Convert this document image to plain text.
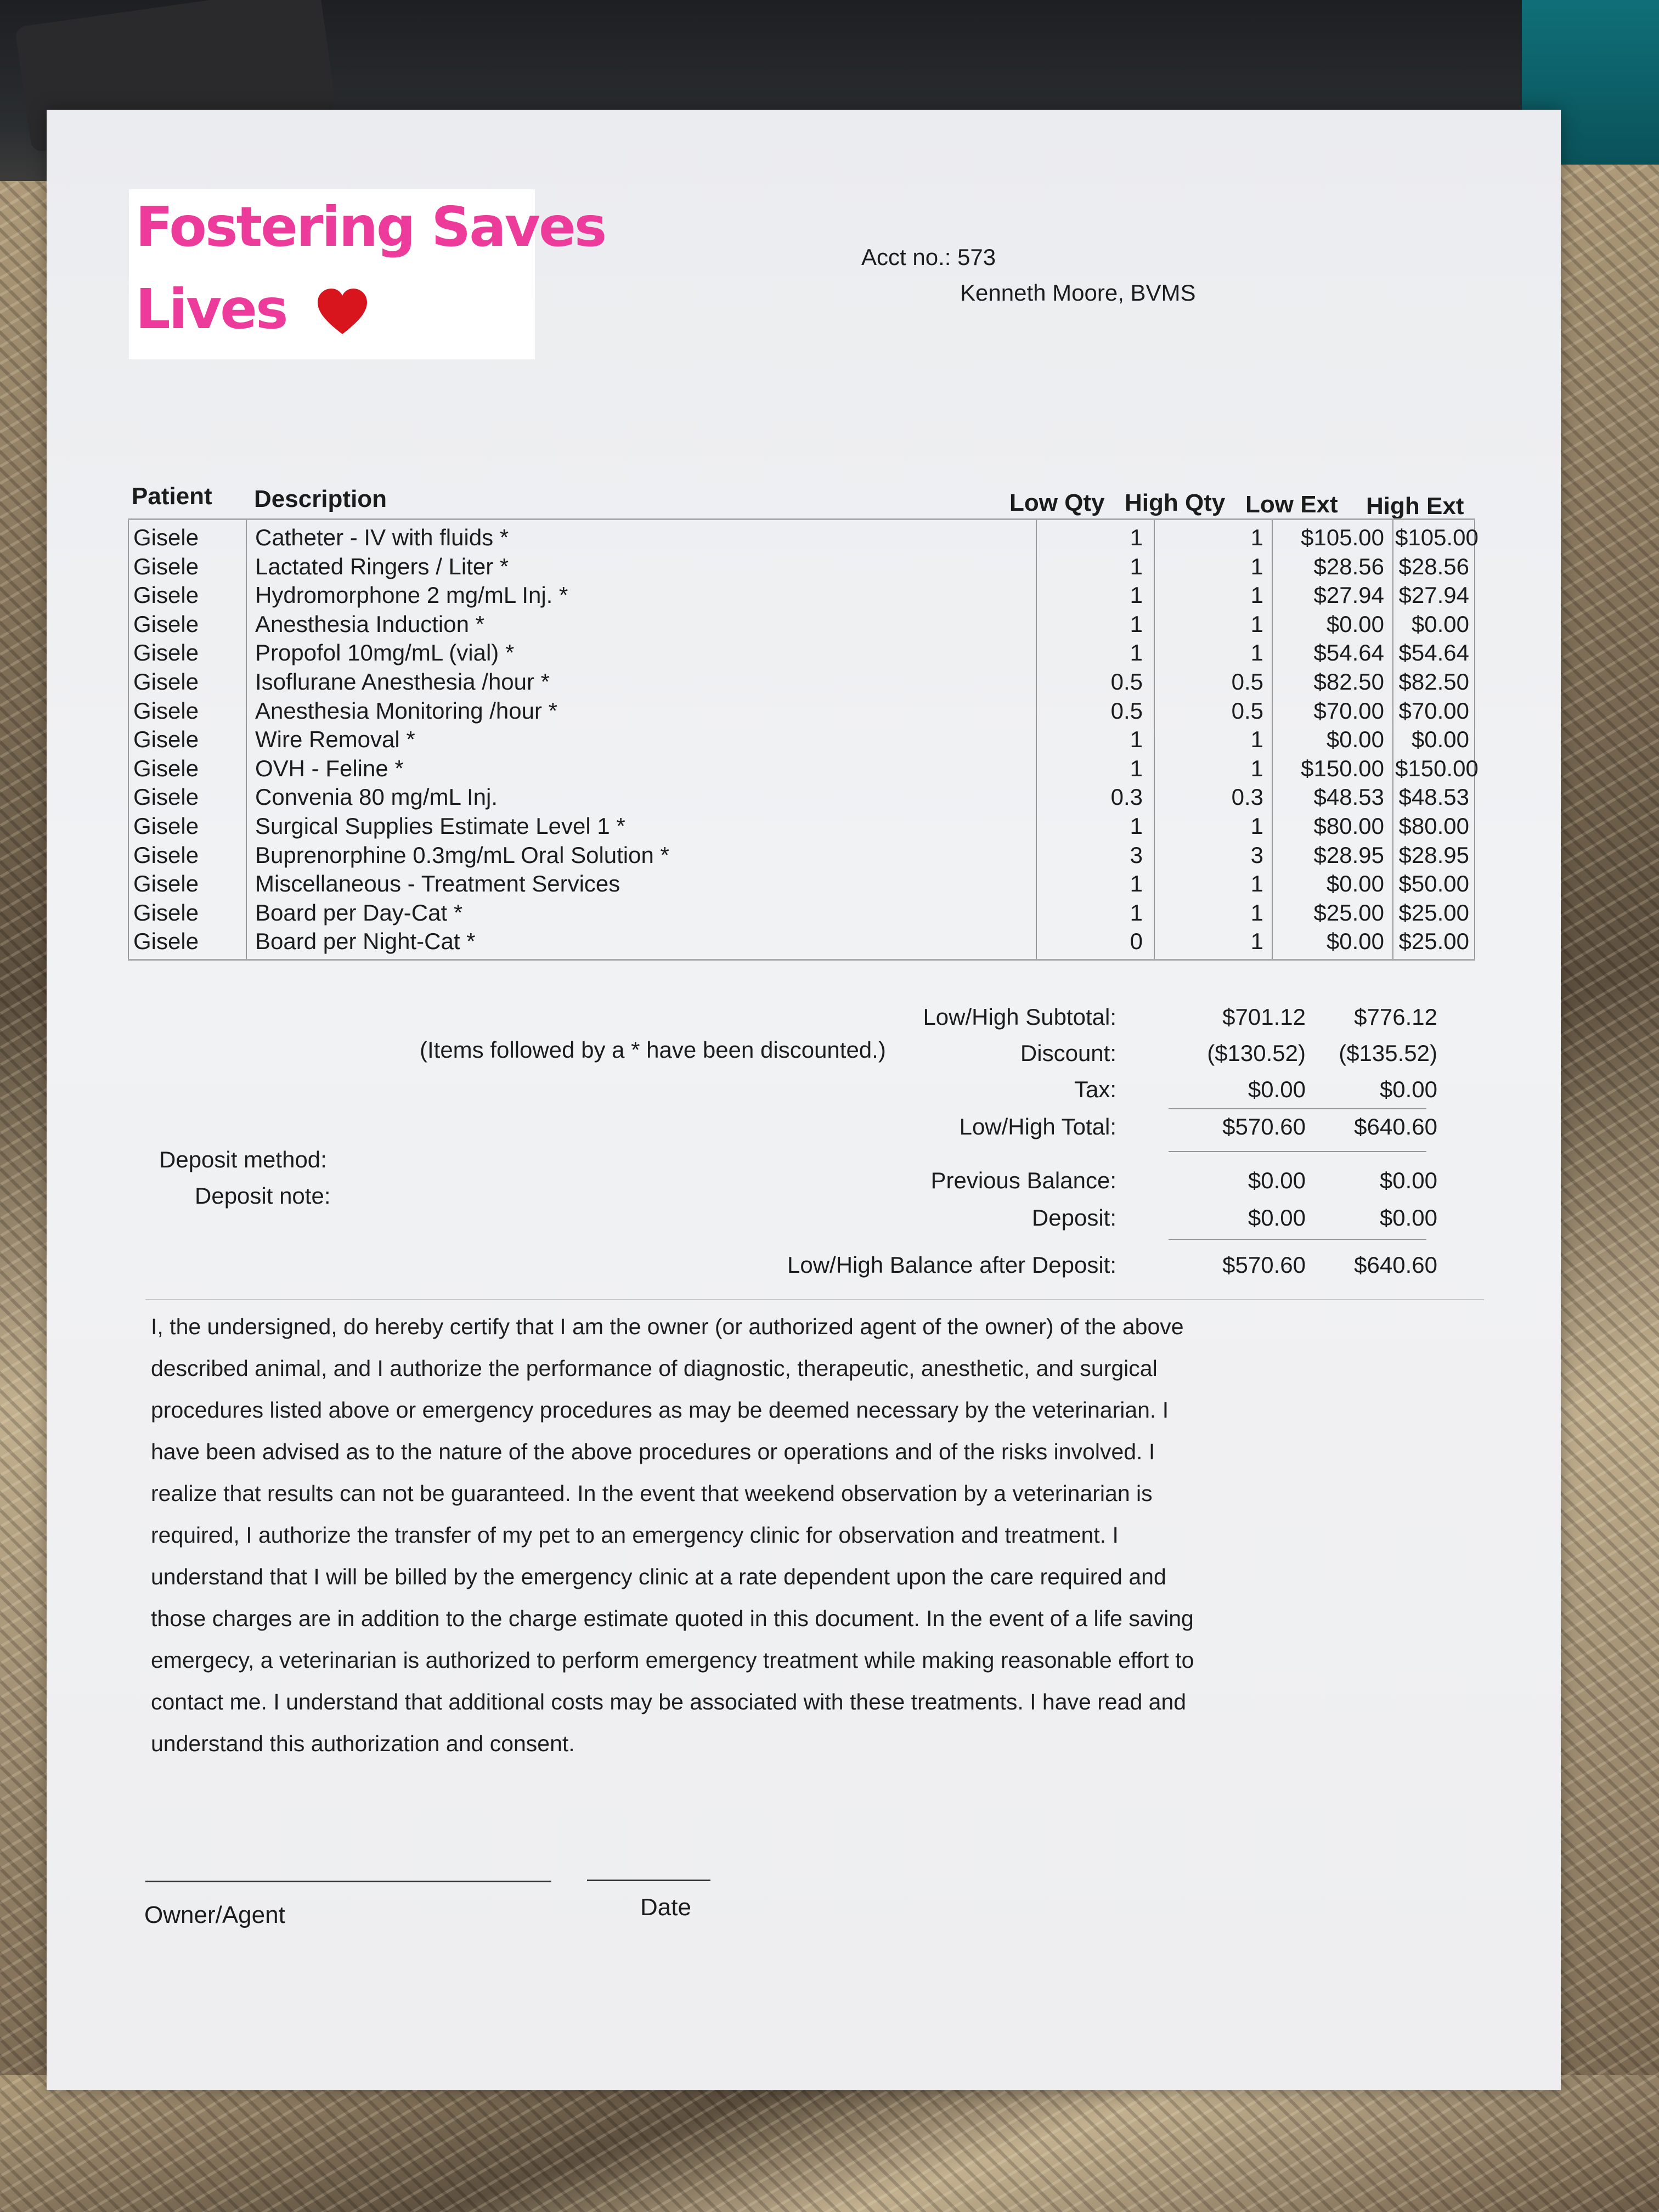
Fostering Saves
Lives
Acct no.: 573
Kenneth Moore, BVMS
Patient Description	Low Qty High Qty Low Ext High Ext
Gisele	Catheter - IV with fluids *	1	1	$105.00 $105.00
Gisele	Lactated Ringers / Liter *	1	1	$28.56 $28.56
Gisele	Hydromorphone 2 mg/mL Inj. *	1	1	$27.94 $27.94
Gisele	Anesthesia Induction *	1	1	$0.00	$0.00
Gisele	Propofol 10mg/mL (vial) *	1	1	$54.64 $54.64
Gisele	Isoflurane Anesthesia /hour *	0.5	0.5	$82.50 $82.50
Gisele	Anesthesia Monitoring /hour *	0.5	0.5	$70.00 $70.00
Gisele	Wire Removal *	1	1	$0.00	$0.00
Gisele	OVH - Feline *	1	1	$150.00 $150.00
Gisele	Convenia 80 mg/mL Inj.	0.3	0.3	$48.53 $48.53
Gisele	Surgical Supplies Estimate Level 1 *	1	1	$80.00 $80.00
Gisele	Buprenorphine 0.3mg/mL Oral Solution *	3	3	$28.95 $28.95
Gisele	Miscellaneous - Treatment Services	1	1	$0.00 $50.00
Gisele	Board per Day-Cat *	1	1	$25.00 $25.00
Gisele	Board per Night-Cat *	0	1	$0.00 $25.00
Low/High Subtotal:	$701.12	$776.12
(Items followed by a * have been discounted.)	Discount:	($130.52)	($135.52)
Tax:	$0.00	$0.00
Low/High Total:	$570.60	$640.60
Deposit method:
Deposit note:
Previous Balance:	$0.00	$0.00
Deposit:	$0.00	$0.00
Low/High Balance after Deposit:	$570.60	$640.60
I, the undersigned, do hereby certify that I am the owner (or authorized agent of the owner) of the above
described animal, and I authorize the performance of diagnostic, therapeutic, anesthetic, and surgical
procedures listed above or emergency procedures as may be deemed necessary by the veterinarian. I
have been advised as to the nature of the above procedures or operations and of the risks involved. I
realize that results can not be guaranteed. In the event that weekend observation by a veterinarian is
required, I authorize the transfer of my pet to an emergency clinic for observation and treatment. I
understand that I will be billed by the emergency clinic at a rate dependent upon the care required and
those charges are in addition to the charge estimate quoted in this document. In the event of a life saving
emergecy, a veterinarian is authorized to perform emergency treatment while making reasonable effort to
contact me. I understand that additional costs may be associated with these treatments. I have read and
understand this authorization and consent.
Owner/Agent	Date
